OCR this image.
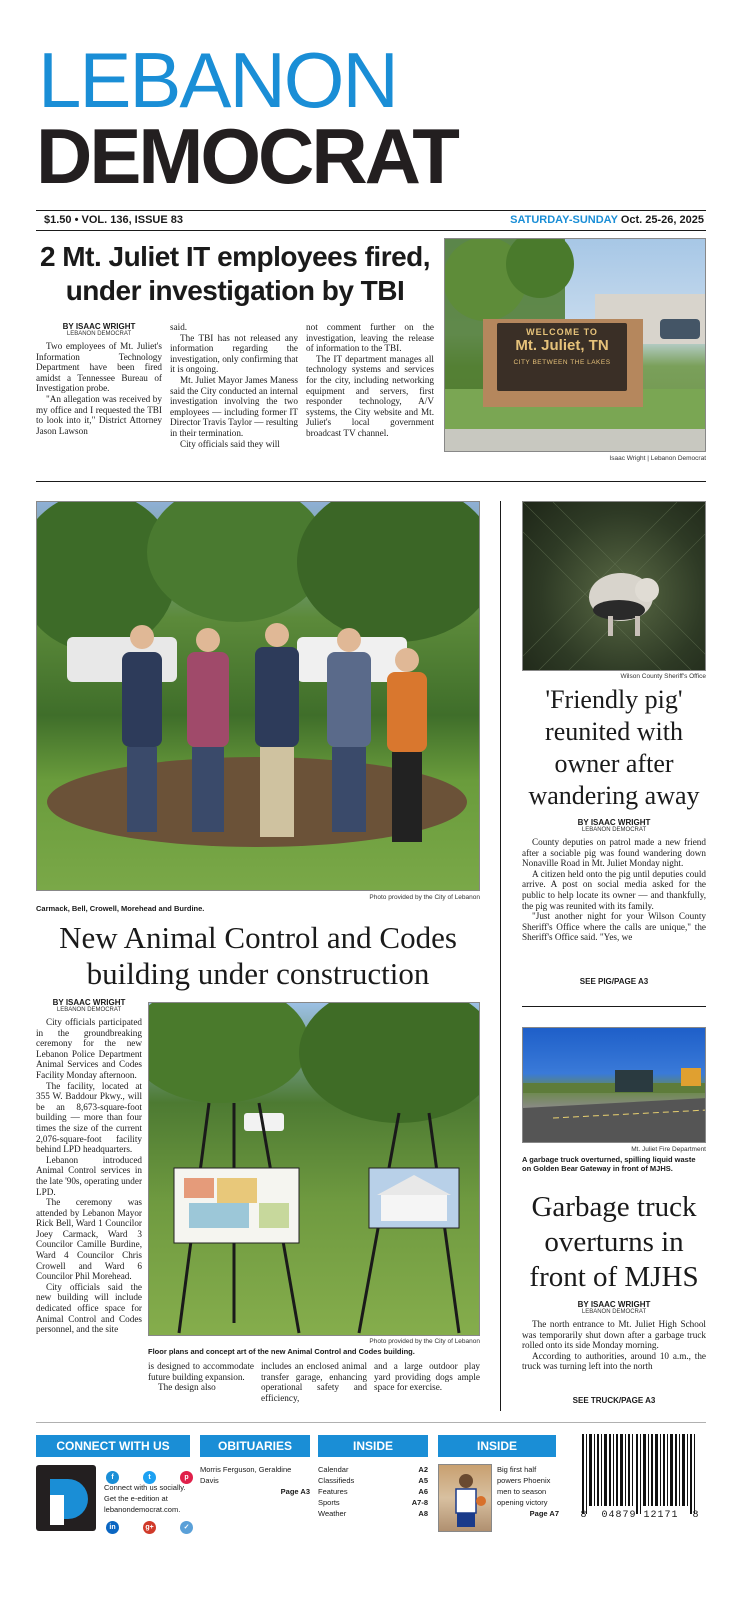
LEBANON
DEMOCRAT
$1.50 • VOL. 136, ISSUE 83	SATURDAY-SUNDAY Oct. 25-26, 2025
2 Mt. Juliet IT employees fired,
under investigation by TBI
BY ISAAC WRIGHT
LEBANON DEMOCRAT

Two employees of Mt. Juliet's Information Technology Department have been fired amidst a Tennessee Bureau of Investigation probe.

"An allegation was received by my office and I requested the TBI to look into it," District Attorney Jason Lawson

said.

The TBI has not released any information regarding the investigation, only confirming that it is ongoing.

Mt. Juliet Mayor James Maness said the City conducted an internal investigation involving the two employees — including former IT Director Travis Taylor — resulting in their termination.

City officials said they will

not comment further on the investigation, leaving the release of information to the TBI.

The IT department manages all technology systems and services for the city, including networking equipment and servers, first responder technology, A/V systems, the City website and Mt. Juliet's local government broadcast TV channel.

WELCOME TO
Mt. Juliet, TN
CITY BETWEEN THE LAKES
Isaac Wright | Lebanon Democrat
Photo provided by the City of Lebanon
Carmack, Bell, Crowell, Morehead and Burdine.
New Animal Control and Codes
building under construction
BY ISAAC WRIGHT
LEBANON DEMOCRAT

City officials participated in the groundbreaking ceremony for the new Lebanon Police Department Animal Services and Codes Facility Monday afternoon.

The facility, located at 355 W. Baddour Pkwy., will be an 8,673-square-foot building — more than four times the size of the current 2,076-square-foot facility behind LPD headquarters.

Lebanon introduced Animal Control services in the late '90s, operating under LPD.

The ceremony was attended by Lebanon Mayor Rick Bell, Ward 1 Councilor Joey Carmack, Ward 3 Councilor Camille Burdine, Ward 4 Councilor Chris Crowell and Ward 6 Councilor Phil Morehead.

City officials said the new building will include dedicated office space for Animal Control and Codes personnel, and the site

Photo provided by the City of Lebanon
Floor plans and concept art of the new Animal Control and Codes building.
is designed to accommodate future building expansion.

The design also

includes an enclosed animal transfer garage, enhancing operational safety and efficiency,
and a large outdoor play yard providing dogs ample space for exercise.
Wilson County Sheriff's Office
'Friendly pig'
reunited with
owner after
wandering away
BY ISAAC WRIGHT
LEBANON DEMOCRAT

County deputies on patrol made a new friend after a sociable pig was found wandering down Nonaville Road in Mt. Juliet Monday night.

A citizen held onto the pig until deputies could arrive. A post on social media asked for the public to help locate its owner — and thankfully, the pig was reunited with its family.

"Just another night for your Wilson County Sheriff's Office where the calls are unique," the Sheriff's Office said. "Yes, we

SEE PIG/PAGE A3
Mt. Juliet Fire Department
A garbage truck overturned, spilling liquid waste on Golden Bear Gateway in front of MJHS.
Garbage truck
overturns in
front of MJHS
BY ISAAC WRIGHT
LEBANON DEMOCRAT

The north entrance to Mt. Juliet High School was temporarily shut down after a garbage truck rolled onto its side Monday morning.

According to authorities, around 10 a.m., the truck was turning left into the north

SEE TRUCK/PAGE A3
CONNECT WITH US
f	t	p
Connect with us socially.
Get the e-edition at
lebanondemocrat.com.
in	g+	✓
OBITUARIES
Morris Ferguson, Geraldine Davis
Page A3
INSIDE
Calendar	A2
Classifieds	A5
Features	A6
Sports	A7-8
Weather	A8
INSIDE
Big first half powers Phoenix men to season opening victory
Page A7 8  04879 12171  8
